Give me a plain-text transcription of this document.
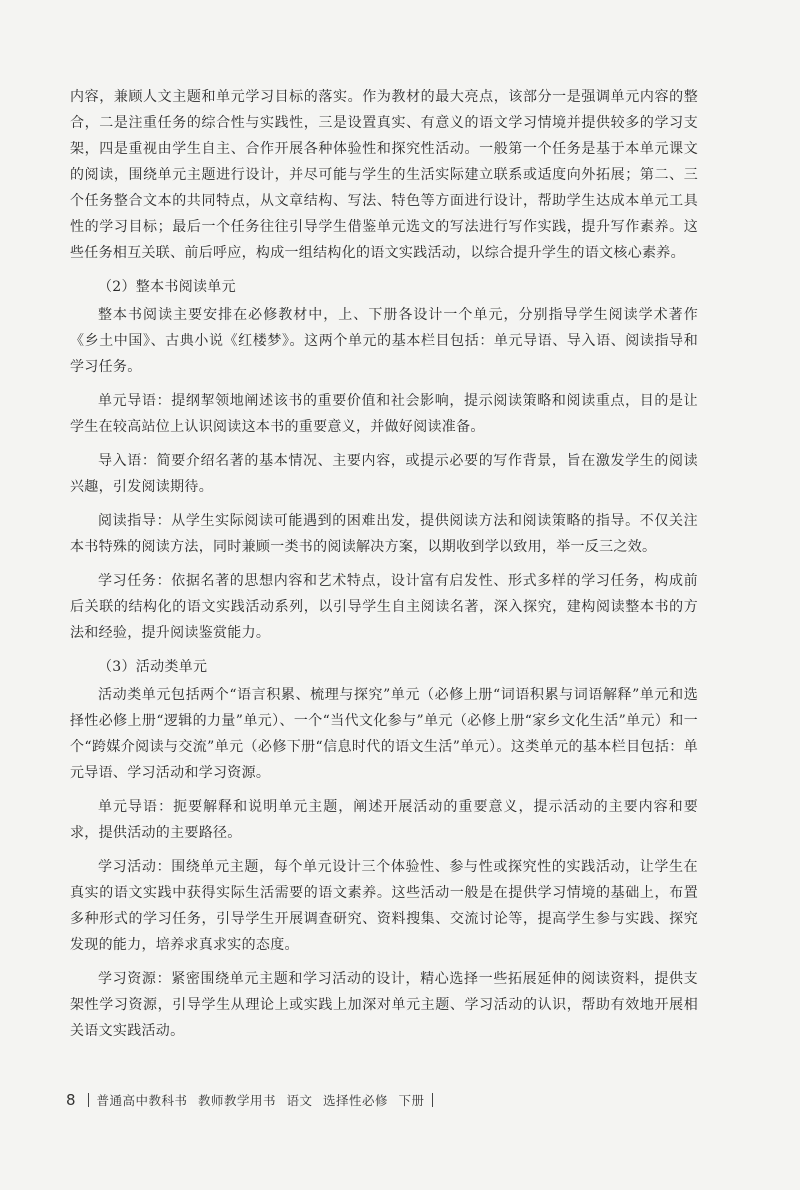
内容，兼顾人文主题和单元学习目标的落实。作为教材的最大亮点，该部分一是强调单元内容的整合，二是注重任务的综合性与实践性，三是设置真实、有意义的语文学习情境并提供较多的学习支架，四是重视由学生自主、合作开展各种体验性和探究性活动。一般第一个任务是基于本单元课文的阅读，围绕单元主题进行设计，并尽可能与学生的生活实际建立联系或适度向外拓展；第二、三个任务整合文本的共同特点，从文章结构、写法、特色等方面进行设计，帮助学生达成本单元工具性的学习目标；最后一个任务往往引导学生借鉴单元选文的写法进行写作实践，提升写作素养。这些任务相互关联、前后呼应，构成一组结构化的语文实践活动，以综合提升学生的语文核心素养。

（2）整本书阅读单元

整本书阅读主要安排在必修教材中，上、下册各设计一个单元，分别指导学生阅读学术著作《乡土中国》、古典小说《红楼梦》。这两个单元的基本栏目包括：单元导语、导入语、阅读指导和学习任务。

单元导语：提纲挈领地阐述该书的重要价值和社会影响，提示阅读策略和阅读重点，目的是让学生在较高站位上认识阅读这本书的重要意义，并做好阅读准备。

导入语：简要介绍名著的基本情况、主要内容，或提示必要的写作背景，旨在激发学生的阅读兴趣，引发阅读期待。

阅读指导：从学生实际阅读可能遇到的困难出发，提供阅读方法和阅读策略的指导。不仅关注本书特殊的阅读方法，同时兼顾一类书的阅读解决方案，以期收到学以致用，举一反三之效。

学习任务：依据名著的思想内容和艺术特点，设计富有启发性、形式多样的学习任务，构成前后关联的结构化的语文实践活动系列，以引导学生自主阅读名著，深入探究，建构阅读整本书的方法和经验，提升阅读鉴赏能力。

（3）活动类单元

活动类单元包括两个“语言积累、梳理与探究”单元（必修上册“词语积累与词语解释”单元和选择性必修上册“逻辑的力量”单元）、一个“当代文化参与”单元（必修上册“家乡文化生活”单元）和一个“跨媒介阅读与交流”单元（必修下册“信息时代的语文生活”单元）。这类单元的基本栏目包括：单元导语、学习活动和学习资源。

单元导语：扼要解释和说明单元主题，阐述开展活动的重要意义，提示活动的主要内容和要求，提供活动的主要路径。

学习活动：围绕单元主题，每个单元设计三个体验性、参与性或探究性的实践活动，让学生在真实的语文实践中获得实际生活需要的语文素养。这些活动一般是在提供学习情境的基础上，布置多种形式的学习任务，引导学生开展调查研究、资料搜集、交流讨论等，提高学生参与实践、探究发现的能力，培养求真求实的态度。

学习资源：紧密围绕单元主题和学习活动的设计，精心选择一些拓展延伸的阅读资料，提供支架性学习资源，引导学生从理论上或实践上加深对单元主题、学习活动的认识，帮助有效地开展相关语文实践活动。

8 普通高中教科书 教师教学用书 语文 选择性必修 下册
